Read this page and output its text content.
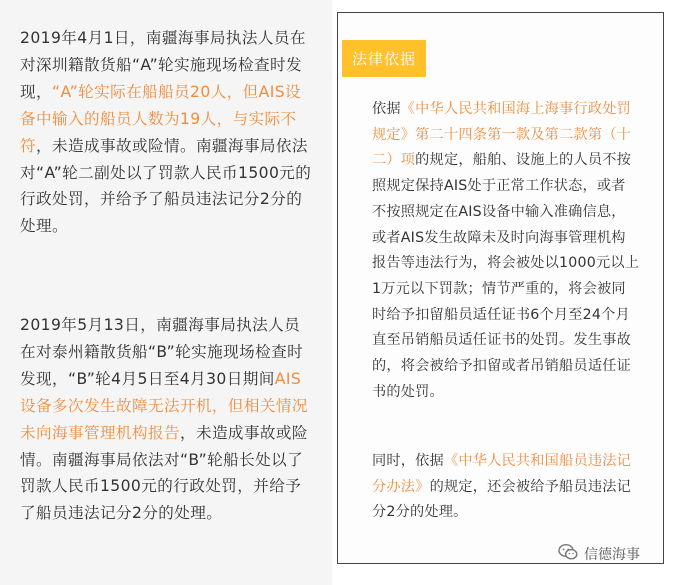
2019年4月1日，南疆海事局执法人员在对深圳籍散货船“A”轮实施现场检查时发现，“A”轮实际在船船员20人，但AIS设备中输入的船员人数为19人，与实际不符，未造成事故或险情。南疆海事局依法对“A”轮二副处以了罚款人民币1500元的行政处罚，并给予了船员违法记分2分的处理。

2019年5月13日，南疆海事局执法人员在对泰州籍散货船“B”轮实施现场检查时发现，“B”轮4月5日至4月30日期间AIS设备多次发生故障无法开机，但相关情况未向海事管理机构报告，未造成事故或险情。南疆海事局依法对“B”轮船长处以了罚款人民币1500元的行政处罚，并给予了船员违法记分2分的处理。

法律依据

依据《中华人民共和国海上海事行政处罚规定》第二十四条第一款及第二款第（十二）项的规定，船舶、设施上的人员不按照规定保持AIS处于正常工作状态，或者不按照规定在AIS设备中输入准确信息，或者AIS发生故障未及时向海事管理机构报告等违法行为，将会被处以1000元以上1万元以下罚款；情节严重的，将会被同时给予扣留船员适任证书6个月至24个月直至吊销船员适任证书的处罚。发生事故的，将会被给予扣留或者吊销船员适任证书的处罚。

同时，依据《中华人民共和国船员违法记分办法》的规定，还会被给予船员违法记分2分的处理。

信德海事
